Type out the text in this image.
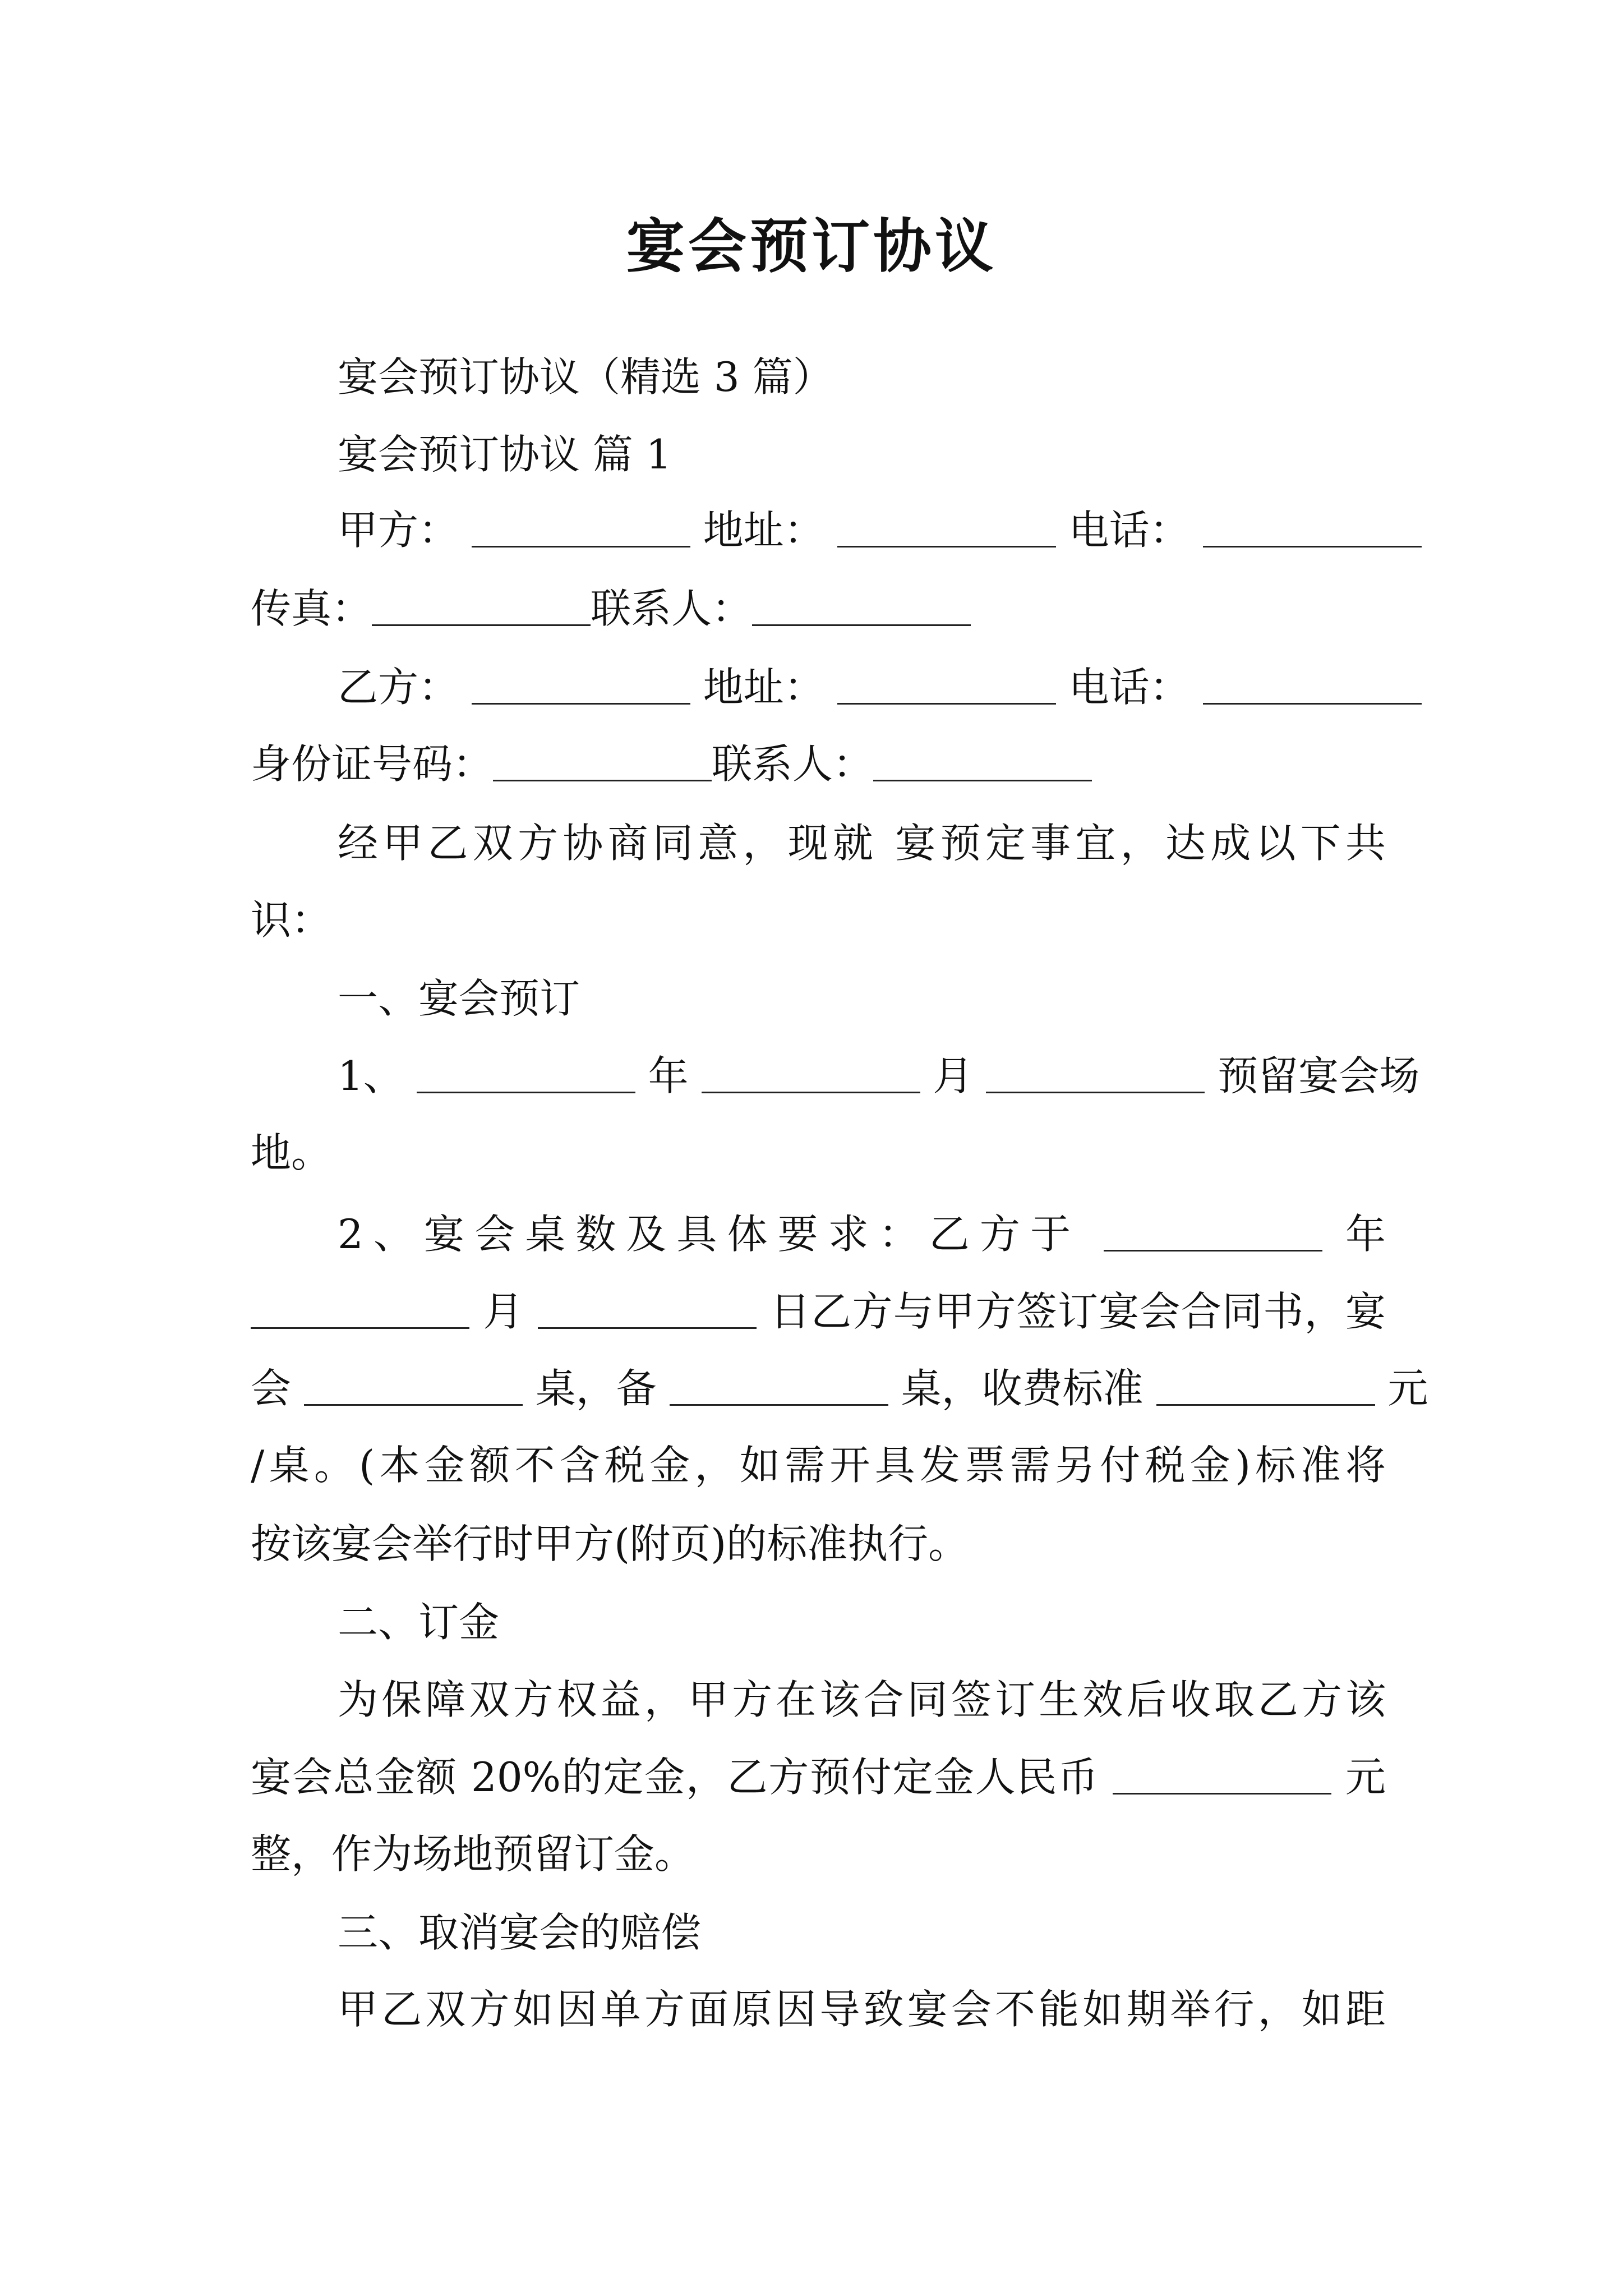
宴会预订协议
宴会预订协议（精选 3 篇）
宴会预订协议 篇 1
甲方：	地址：	电话：
传真：	联系人：
乙方：	地址：	电话：
身份证号码：	联系人：
经甲乙双方协商同意，现就 宴预定事宜，达成以下共
识：
一、宴会预订
1、	年	月	预留宴会场
地。
2、宴会桌数及具体要求：乙方于	年
月	日乙方与甲方签订宴会合同书，宴
会	桌，备	桌，收费标准	元
/桌。(本金额不含税金，如需开具发票需另付税金)标准将
按该宴会举行时甲方(附页)的标准执行。
二、订金
为保障双方权益，甲方在该合同签订生效后收取乙方该
宴会总金额 20%的定金，乙方预付定金人民币	元
整，作为场地预留订金。
三、取消宴会的赔偿
甲乙双方如因单方面原因导致宴会不能如期举行，如距
